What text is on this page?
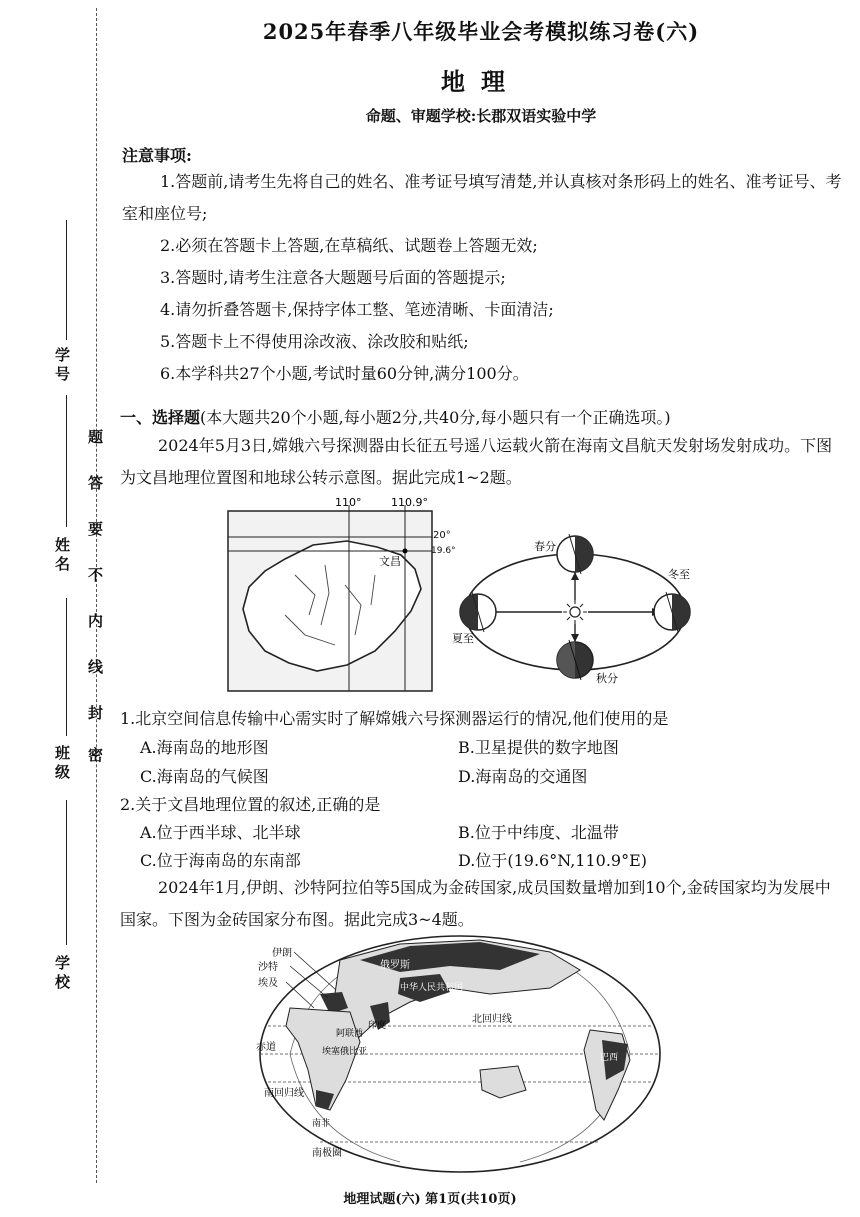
学号
姓名
班级
学校
密
封
线
内
不
要
答
题
2025年春季八年级毕业会考模拟练习卷(六)
地理
命题、审题学校:长郡双语实验中学
注意事项:
1.答题前,请考生先将自己的姓名、准考证号填写清楚,并认真核对条形码上的姓名、准考证号、考室和座位号;
2.必须在答题卡上答题,在草稿纸、试题卷上答题无效;
3.答题时,请考生注意各大题题号后面的答题提示;
4.请勿折叠答题卡,保持字体工整、笔迹清晰、卡面清洁;
5.答题卡上不得使用涂改液、涂改胶和贴纸;
6.本学科共27个小题,考试时量60分钟,满分100分。
一、选择题(本大题共20个小题,每小题2分,共40分,每小题只有一个正确选项。)
2024年5月3日,嫦娥六号探测器由长征五号遥八运载火箭在海南文昌航天发射场发射成功。下图为文昌地理位置图和地球公转示意图。据此完成1~2题。
110°	110.9°
文昌
20°
19.6°	春分
冬至
夏至
秋分
1.北京空间信息传输中心需实时了解嫦娥六号探测器运行的情况,他们使用的是
A.海南岛的地形图	B.卫星提供的数字地图
C.海南岛的气候图	D.海南岛的交通图
2.关于文昌地理位置的叙述,正确的是
A.位于西半球、北半球	B.位于中纬度、北温带
C.位于海南岛的东南部	D.位于(19.6°N,110.9°E)
2024年1月,伊朗、沙特阿拉伯等5国成为金砖国家,成员国数量增加到10个,金砖国家均为发展中国家。下图为金砖国家分布图。据此完成3~4题。
俄罗斯
中华人民共和国
印度
阿联酋
埃塞俄比亚
南非
巴西
北回归线
赤道
南回归线
南极圈
伊朗
沙特
埃及
地理试题(六) 第1页(共10页)
